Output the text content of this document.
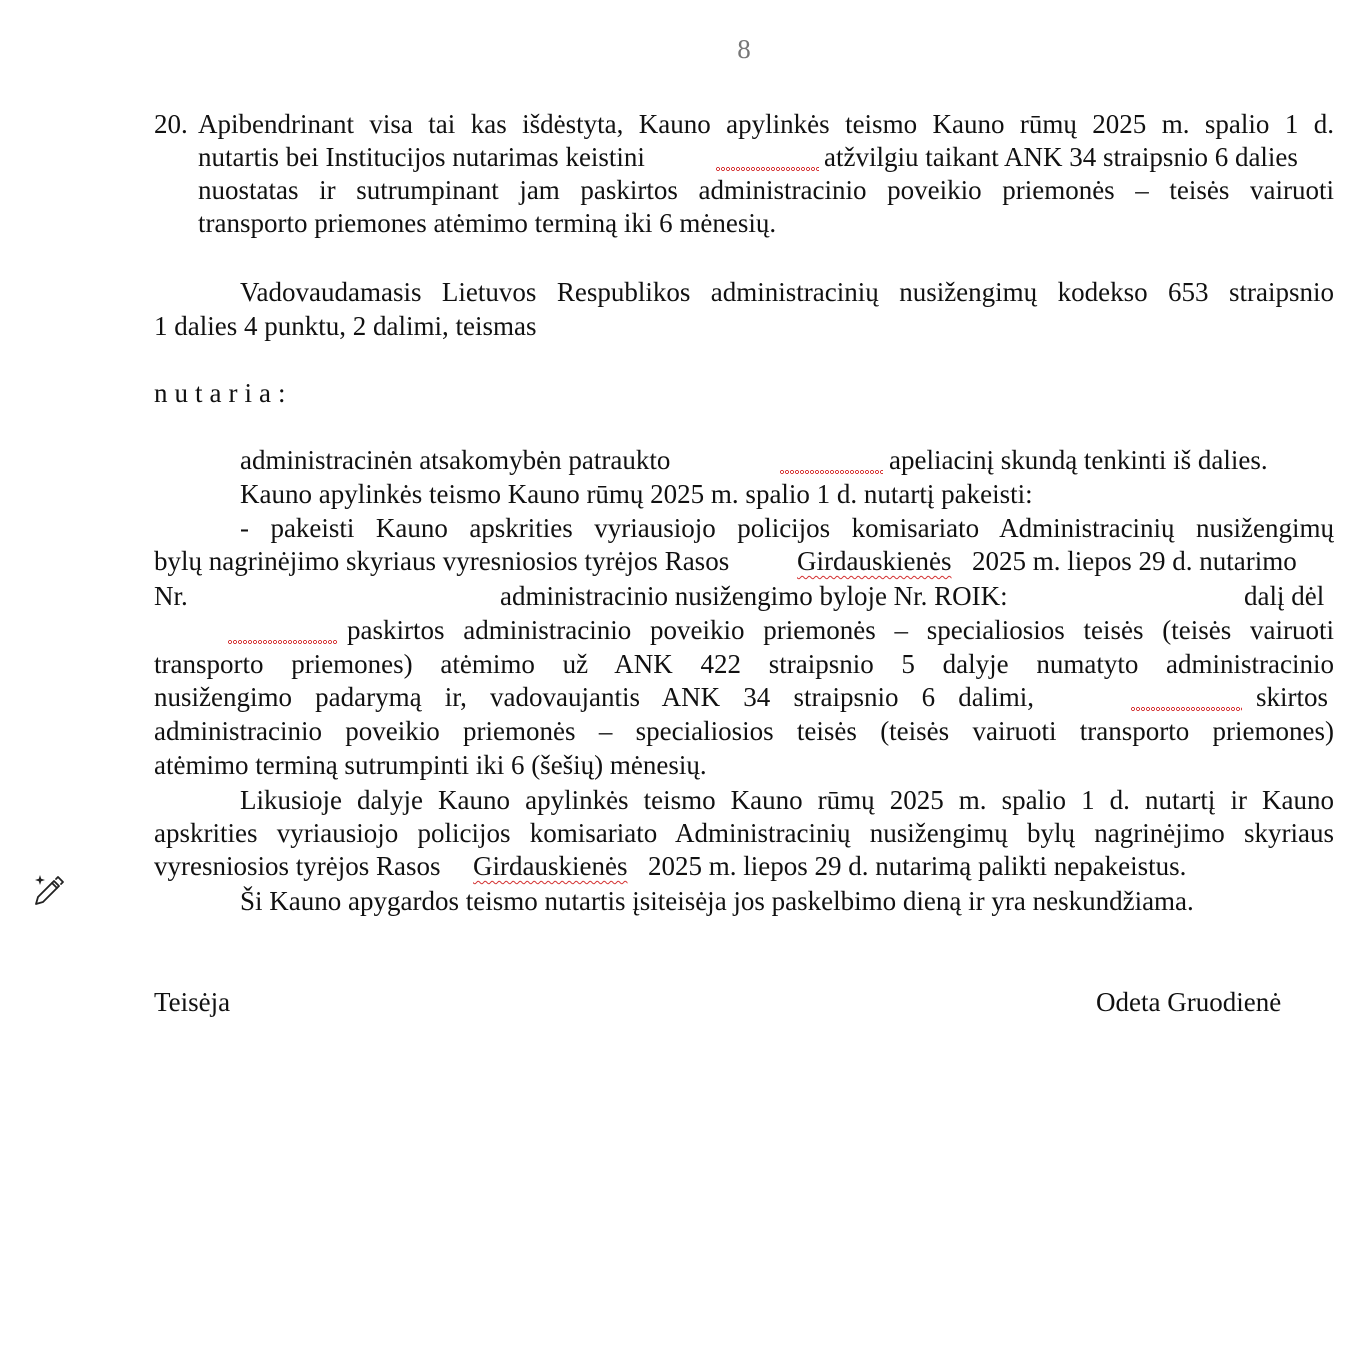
8
20. Apibendrinant visa tai kas išdėstyta, Kauno apylinkės teismo Kauno rūmų 2025 m. spalio 1 d.
nutartis bei Institucijos nutarimas keistini	atžvilgiu taikant ANK 34 straipsnio 6 dalies
nuostatas ir sutrumpinant jam paskirtos administracinio poveikio priemonės – teisės vairuoti
transporto priemones atėmimo terminą iki 6 mėnesių.
Vadovaudamasis Lietuvos Respublikos administracinių nusižengimų kodekso 653 straipsnio
1 dalies 4 punktu, 2 dalimi, teismas
nutaria:
administracinėn atsakomybėn patraukto	apeliacinį skundą tenkinti iš dalies.
Kauno apylinkės teismo Kauno rūmų 2025 m. spalio 1 d. nutartį pakeisti:
- pakeisti Kauno apskrities vyriausiojo policijos komisariato Administracinių nusižengimų
bylų nagrinėjimo skyriaus vyresniosios tyrėjos Rasos	Girdauskienės 2025 m. liepos 29 d. nutarimo
Nr.	administracinio nusižengimo byloje Nr. ROIK:	dalį dėl
paskirtos administracinio poveikio priemonės – specialiosios teisės (teisės vairuoti
transporto priemones) atėmimo už ANK 422 straipsnio 5 dalyje numatyto administracinio
nusižengimo padarymą ir, vadovaujantis ANK 34 straipsnio 6 dalimi,	skirtos
administracinio poveikio priemonės – specialiosios teisės (teisės vairuoti transporto priemones)
atėmimo terminą sutrumpinti iki 6 (šešių) mėnesių.
Likusioje dalyje Kauno apylinkės teismo Kauno rūmų 2025 m. spalio 1 d. nutartį ir Kauno
apskrities vyriausiojo policijos komisariato Administracinių nusižengimų bylų nagrinėjimo skyriaus
vyresniosios tyrėjos Rasos Girdauskienės 2025 m. liepos 29 d. nutarimą palikti nepakeistus.
Ši Kauno apygardos teismo nutartis įsiteisėja jos paskelbimo dieną ir yra neskundžiama.
Teisėja	Odeta Gruodienė
